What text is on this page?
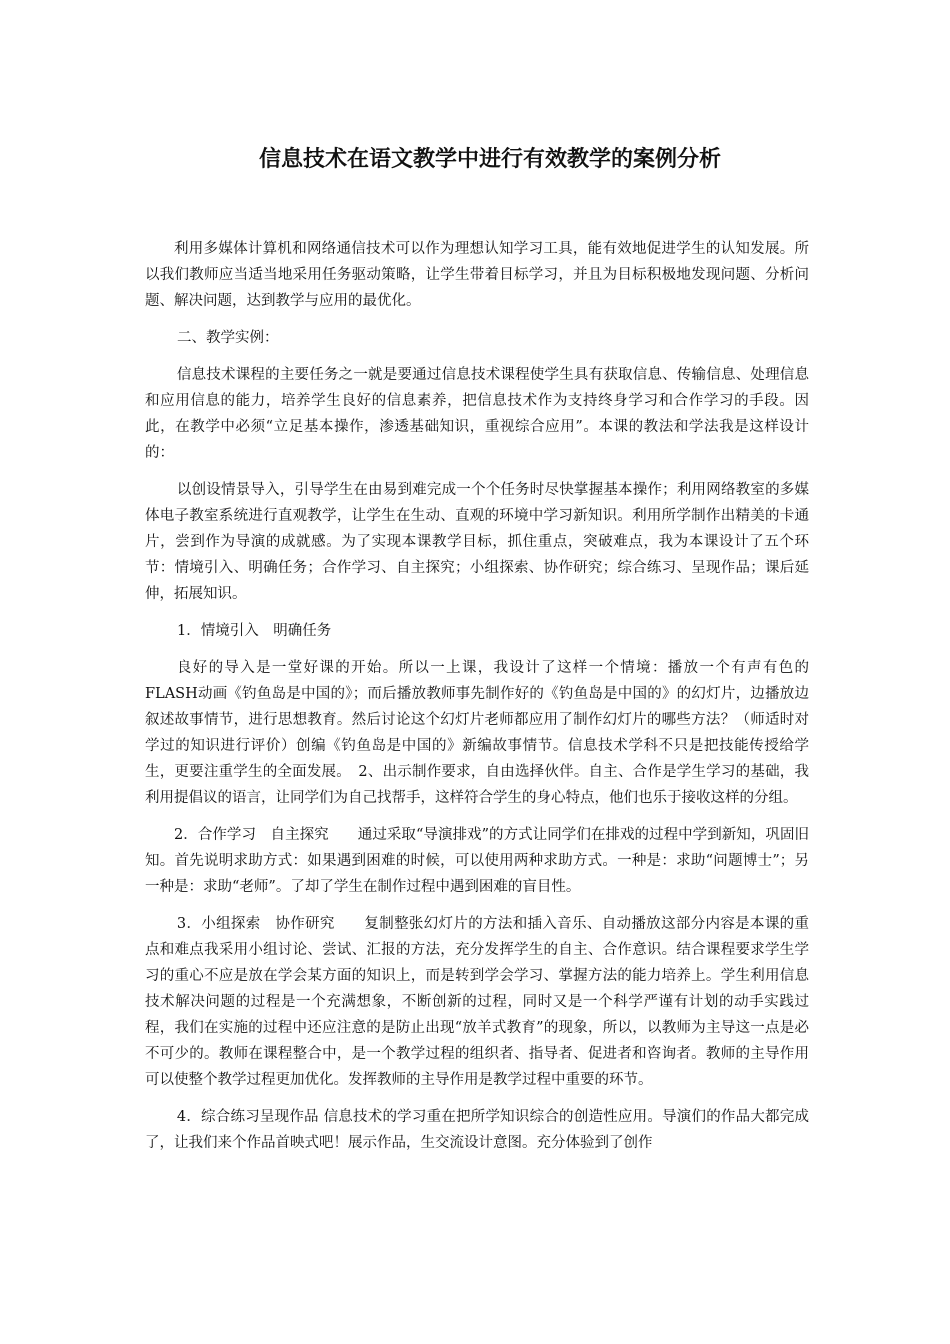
信息技术在语文教学中进行有效教学的案例分析

利用多媒体计算机和网络通信技术可以作为理想认知学习工具，能有效地促进学生的认知发展。所以我们教师应当适当地采用任务驱动策略，让学生带着目标学习，并且为目标积极地发现问题、分析问题、解决问题，达到教学与应用的最优化。

二、教学实例：

信息技术课程的主要任务之一就是要通过信息技术课程使学生具有获取信息、传输信息、处理信息和应用信息的能力，培养学生良好的信息素养，把信息技术作为支持终身学习和合作学习的手段。因此，在教学中必须“立足基本操作，渗透基础知识，重视综合应用”。本课的教法和学法我是这样设计的：

以创设情景导入，引导学生在由易到难完成一个个任务时尽快掌握基本操作；利用网络教室的多媒体电子教室系统进行直观教学，让学生在生动、直观的环境中学习新知识。利用所学制作出精美的卡通片，尝到作为导演的成就感。为了实现本课教学目标，抓住重点，突破难点，我为本课设计了五个环节：情境引入、明确任务；合作学习、自主探究；小组探索、协作研究；综合练习、呈现作品；课后延伸，拓展知识。

1．情境引入　明确任务

良好的导入是一堂好课的开始。所以一上课，我设计了这样一个情境：播放一个有声有色的FLASH动画《钓鱼岛是中国的》；而后播放教师事先制作好的《钓鱼岛是中国的》的幻灯片，边播放边叙述故事情节，进行思想教育。然后讨论这个幻灯片老师都应用了制作幻灯片的哪些方法？（师适时对学过的知识进行评价）创编《钓鱼岛是中国的》新编故事情节。信息技术学科不只是把技能传授给学生，更要注重学生的全面发展。　2、出示制作要求，自由选择伙伴。自主、合作是学生学习的基础，我利用提倡议的语言，让同学们为自己找帮手，这样符合学生的身心特点，他们也乐于接收这样的分组。

2．合作学习　自主探究　　通过采取“导演排戏”的方式让同学们在排戏的过程中学到新知，巩固旧知。首先说明求助方式：如果遇到困难的时候，可以使用两种求助方式。一种是：求助“问题博士”；另一种是：求助“老师”。了却了学生在制作过程中遇到困难的盲目性。

3．小组探索　协作研究　　复制整张幻灯片的方法和插入音乐、自动播放这部分内容是本课的重点和难点我采用小组讨论、尝试、汇报的方法，充分发挥学生的自主、合作意识。结合课程要求学生学习的重心不应是放在学会某方面的知识上，而是转到学会学习、掌握方法的能力培养上。学生利用信息技术解决问题的过程是一个充满想象，不断创新的过程，同时又是一个科学严谨有计划的动手实践过程，我们在实施的过程中还应注意的是防止出现“放羊式教育”的现象，所以，以教师为主导这一点是必不可少的。教师在课程整合中，是一个教学过程的组织者、指导者、促进者和咨询者。教师的主导作用可以使整个教学过程更加优化。发挥教师的主导作用是教学过程中重要的环节。

4．综合练习呈现作品 信息技术的学习重在把所学知识综合的创造性应用。导演们的作品大都完成了，让我们来个作品首映式吧！展示作品，生交流设计意图。充分体验到了创作
